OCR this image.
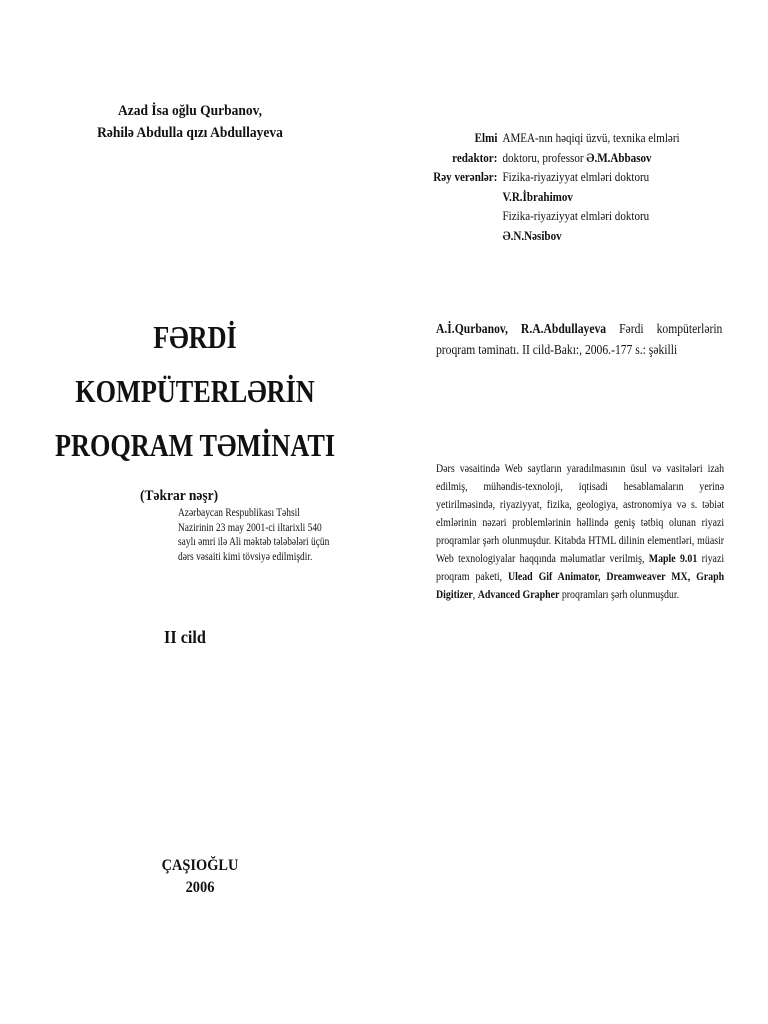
Azad İsa oğlu Qurbanov,
Rəhilə Abdulla qızı Abdullayeva
FƏRDİ
KOMPÜTERLƏRİN
PROQRAM TƏMİNATI
(Təkrar nəşr)
Azərbaycan Respublikası Təhsil
Nazirinin 23 may 2001-ci iltarixli 540
saylı əmri ilə Ali məktəb tələbələri üçün
dərs vəsaiti kimi tövsiyə edilmişdir.
II cild
ÇAŞIOĞLU
2006
Elmi AMEA-nın həqiqi üzvü, texnika elmləri
redaktor: doktoru, professor Ə.M.Abbasov
Rəy verənlər: Fizika-riyaziyyat elmləri doktoru
V.R.İbrahimov
Fizika-riyaziyyat elmləri doktoru
Ə.N.Nəsibov
A.İ.Qurbanov, R.A.Abdullayeva Fərdi kompüterlərin proqram təminatı. II cild-Bakı:, 2006.-177 s.: şəkilli
Dərs vəsaitində Web saytların yaradılmasının üsul və vasitələri izah edilmiş, mühəndis-texnoloji, iqtisadi hesablamaların yerinə yetirilməsində, riyaziyyat, fizika, geologiya, astronomiya və s. təbiət elmlərinin nəzəri problemlərinin həllində geniş tətbiq olunan riyazi proqramlar şərh olunmuşdur. Kitabda HTML dilinin elementləri, müasir Web texnologiyalar haqqında məlumatlar verilmiş, Maple 9.01 riyazi proqram paketi, Ulead Gif Animator, Dreamweaver MX, Graph Digitizer, Advanced Grapher proqramları şərh olunmuşdur.
